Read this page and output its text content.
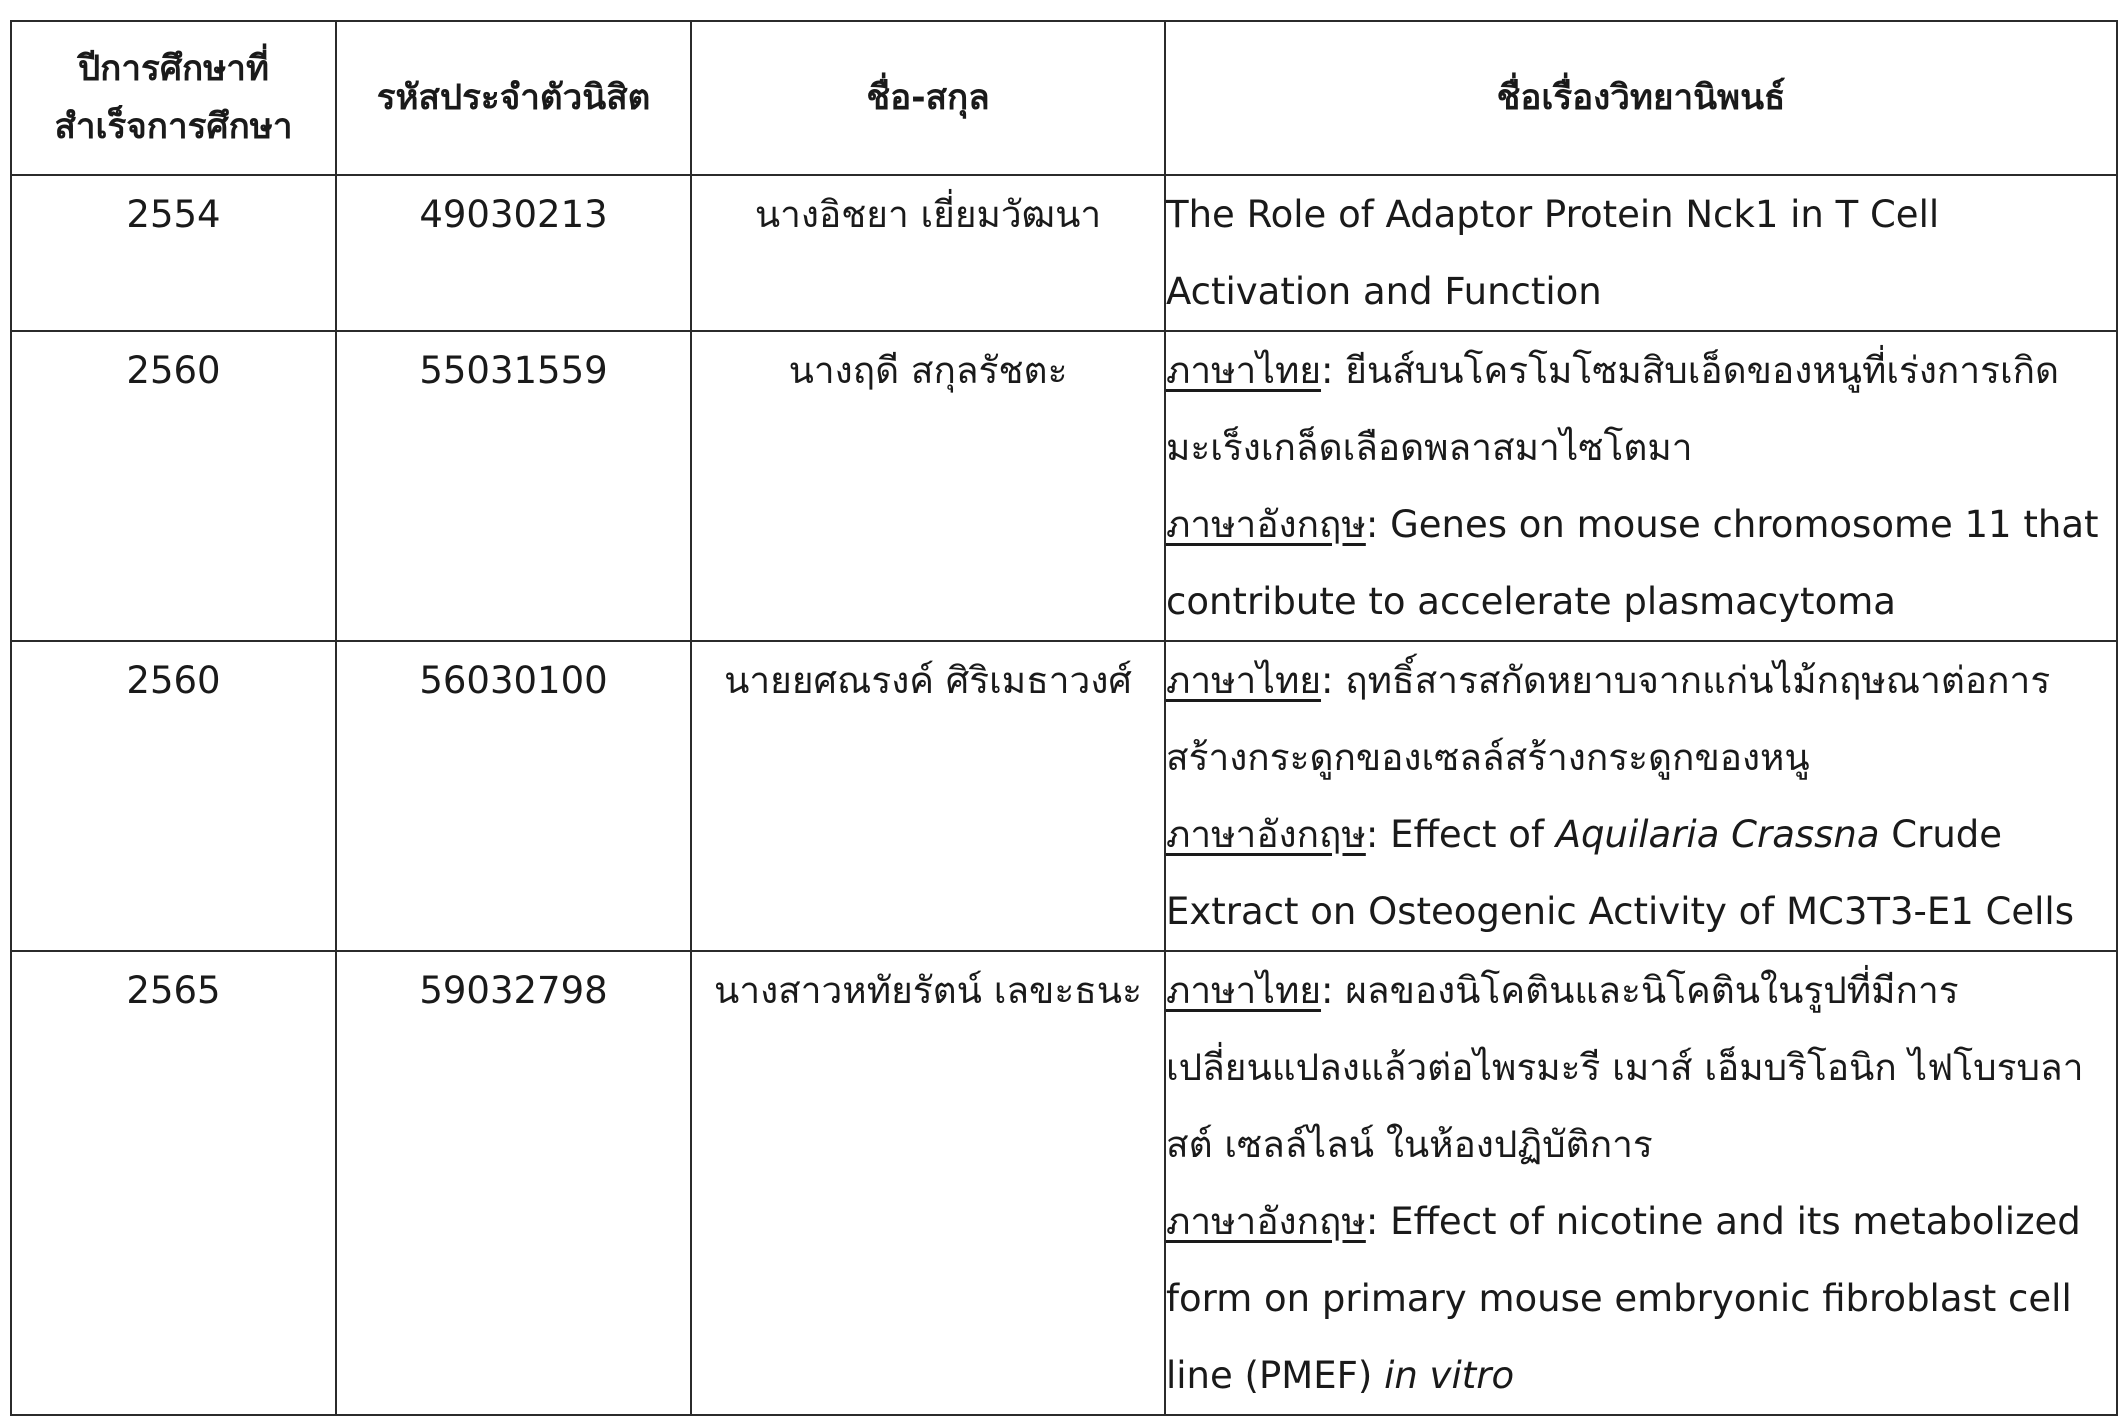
ปีการศึกษาที่
สำเร็จการศึกษา	รหัสประจำตัวนิสิต	ชื่อ-สกุล	ชื่อเรื่องวิทยานิพนธ์

2554	49030213	นางอิชยา เยี่ยมวัฒนา	The Role of Adaptor Protein Nck1 in T Cell Activation and Function

2560	55031559	นางฤดี สกุลรัชตะ	ภาษาไทย: ยีนส์บนโครโมโซมสิบเอ็ดของหนูที่เร่งการเกิดมะเร็งเกล็ดเลือดพลาสมาไซโตมา
ภาษาอังกฤษ: Genes on mouse chromosome 11 that contribute to accelerate plasmacytoma

2560	56030100	นายยศณรงค์ ศิริเมธาวงศ์	ภาษาไทย: ฤทธิ์สารสกัดหยาบจากแก่นไม้กฤษณาต่อการสร้างกระดูกของเซลล์สร้างกระดูกของหนู
ภาษาอังกฤษ: Effect of Aquilaria Crassna Crude Extract on Osteogenic Activity of MC3T3-E1 Cells

2565	59032798	นางสาวหทัยรัตน์ เลขะธนะ	ภาษาไทย: ผลของนิโคตินและนิโคตินในรูปที่มีการเปลี่ยนแปลงแล้วต่อไพรมะรี เมาส์ เอ็มบริโอนิก ไฟโบรบลาสต์ เซลล์ไลน์ ในห้องปฏิบัติการ
ภาษาอังกฤษ: Effect of nicotine and its metabolized form on primary mouse embryonic fibroblast cell line (PMEF) in vitro
